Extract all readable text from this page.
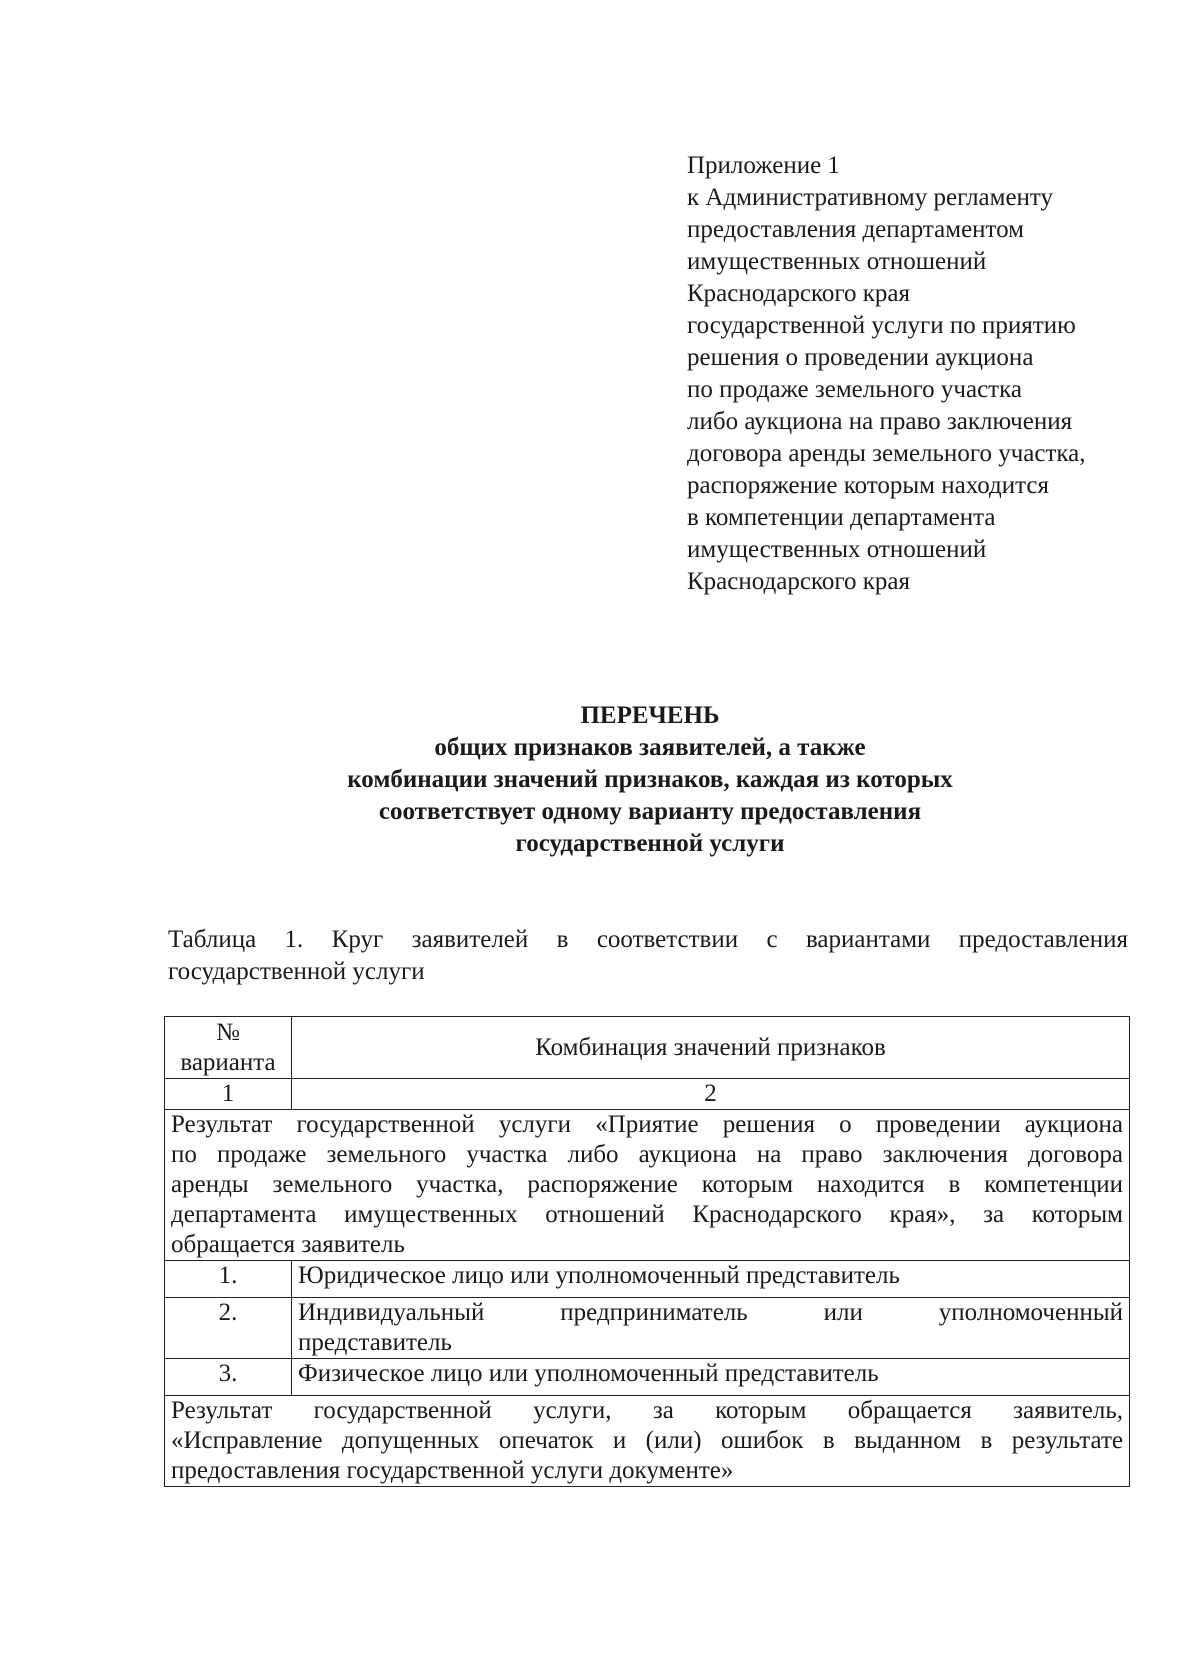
Приложение 1
к Административному регламенту
предоставления департаментом
имущественных отношений
Краснодарского края
государственной услуги по приятию
решения о проведении аукциона
по продаже земельного участка
либо аукциона на право заключения
договора аренды земельного участка,
распоряжение которым находится
в компетенции департамента
имущественных отношений
Краснодарского края
ПЕРЕЧЕНЬ
общих признаков заявителей, а также
комбинации значений признаков, каждая из которых
соответствует одному варианту предоставления
государственной услуги
Таблица 1. Круг заявителей в соответствии с вариантами предоставления
государственной услуги
№
варианта	Комбинация значений признаков
1	2

Результат государственной услуги «Приятие решения о проведении аукциона
по продаже земельного участка либо аукциона на право заключения договора
аренды земельного участка, распоряжение которым находится в компетенции
департамента имущественных отношений Краснодарского края», за которым
обращается заявитель	

1.	Юридическое лицо или уполномоченный представитель

2.	Индивидуальный предприниматель или уполномоченный
представитель

3.	Физическое лицо или уполномоченный представитель

Результат государственной услуги, за которым обращается заявитель,
«Исправление допущенных опечаток и (или) ошибок в выданном в результате
предоставления государственной услуги документе»	
